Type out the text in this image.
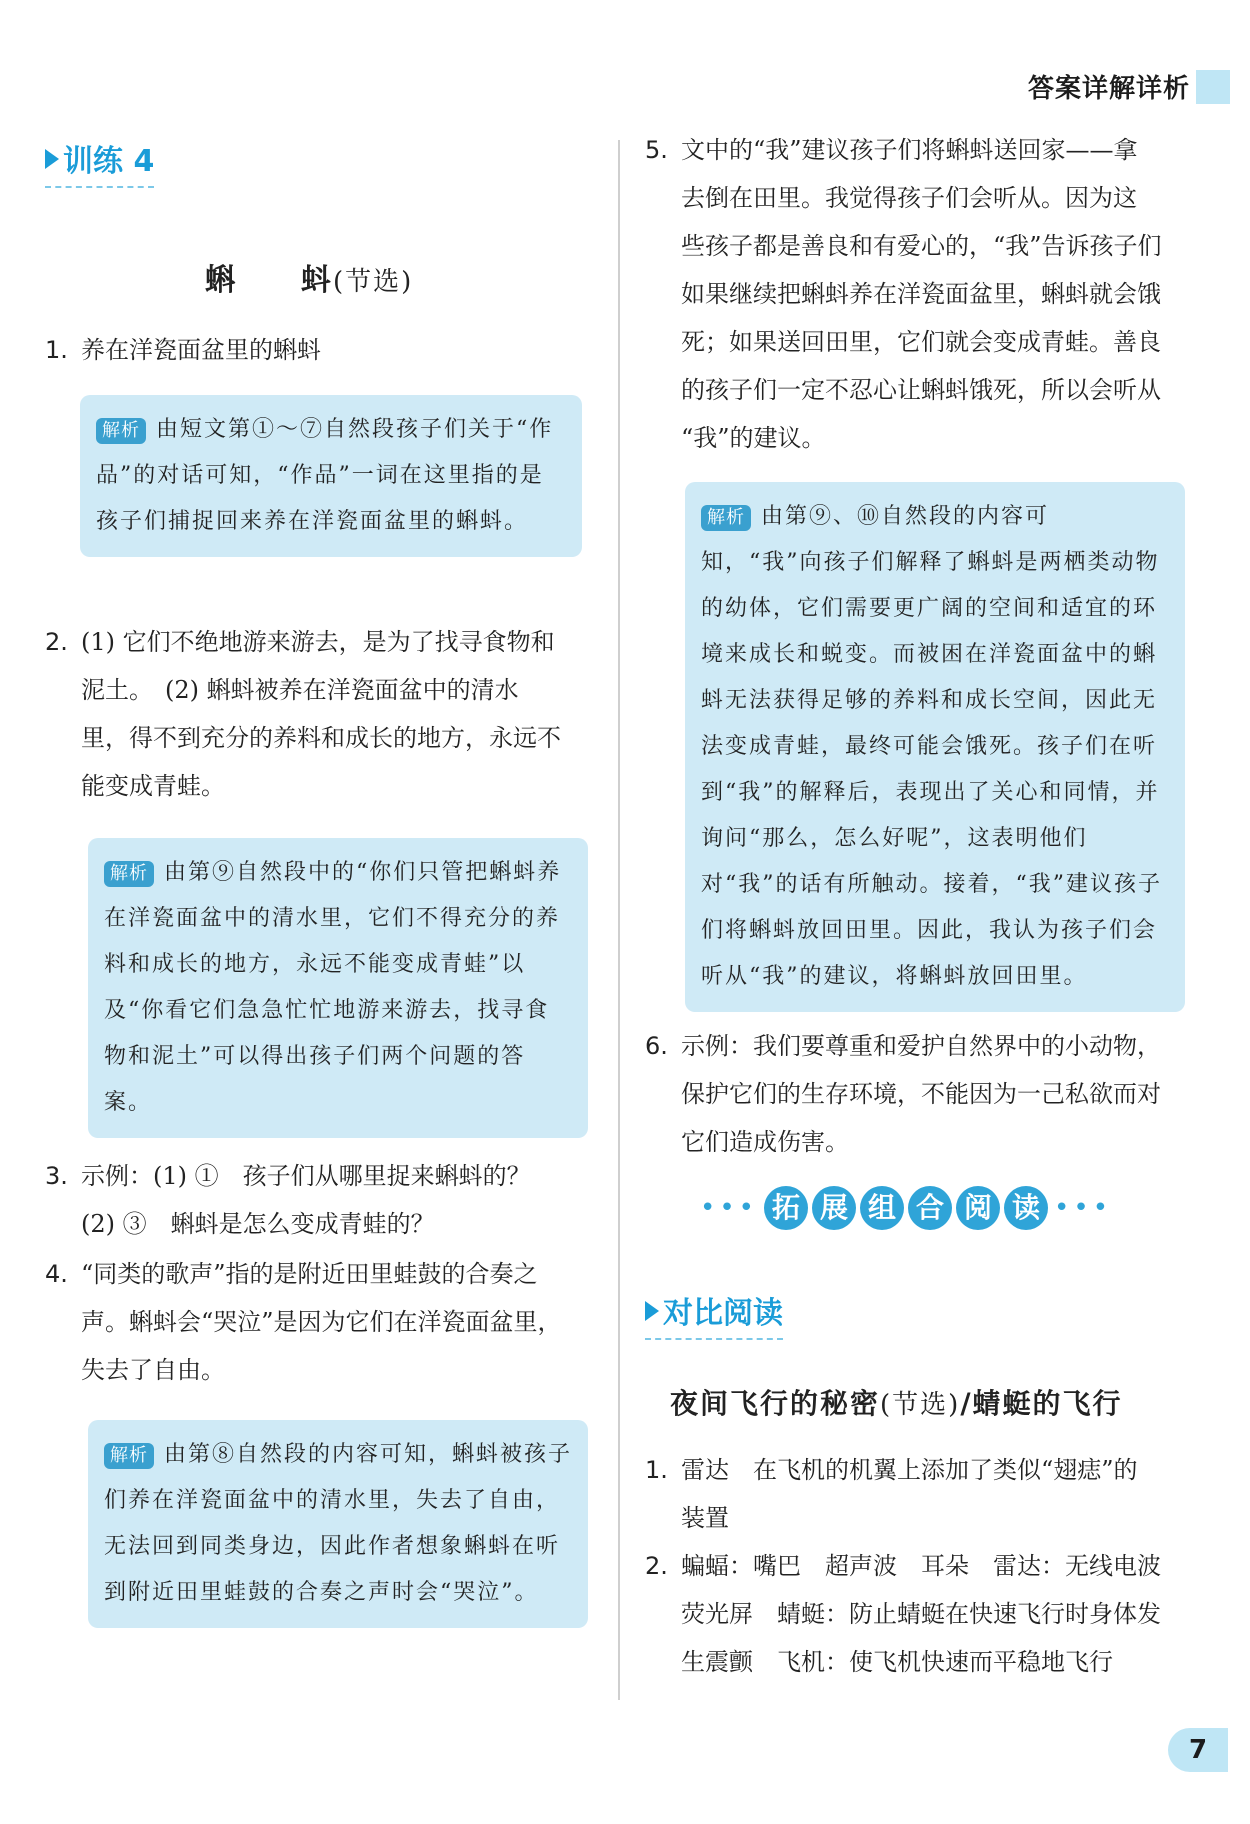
答案详解详析
训练 4
蝌　　蚪(节选)
1. 养在洋瓷面盆里的蝌蚪
解析 由短文第①～⑦自然段孩子们关于“作品”的对话可知，“作品”一词在这里指的是孩子们捕捉回来养在洋瓷面盆里的蝌蚪。
2. (1) 它们不绝地游来游去，是为了找寻食物和
泥土。　(2) 蝌蚪被养在洋瓷面盆中的清水
里，得不到充分的养料和成长的地方，永远不
能变成青蛙。
解析 由第⑨自然段中的“你们只管把蝌蚪养在洋瓷面盆中的清水里，它们不得充分的养料和成长的地方，永远不能变成青蛙”以及“你看它们急急忙忙地游来游去，找寻食物和泥土”可以得出孩子们两个问题的答案。
3. 示例：(1) ①　孩子们从哪里捉来蝌蚪的？
(2) ③　蝌蚪是怎么变成青蛙的？
4. “同类的歌声”指的是附近田里蛙鼓的合奏之
声。蝌蚪会“哭泣”是因为它们在洋瓷面盆里，
失去了自由。
解析 由第⑧自然段的内容可知，蝌蚪被孩子们养在洋瓷面盆中的清水里，失去了自由，无法回到同类身边，因此作者想象蝌蚪在听到附近田里蛙鼓的合奏之声时会“哭泣”。
5. 文中的“我”建议孩子们将蝌蚪送回家——拿
去倒在田里。我觉得孩子们会听从。因为这
些孩子都是善良和有爱心的，“我”告诉孩子们
如果继续把蝌蚪养在洋瓷面盆里，蝌蚪就会饿
死；如果送回田里，它们就会变成青蛙。善良
的孩子们一定不忍心让蝌蚪饿死，所以会听从
“我”的建议。
解析 由第⑨、⑩自然段的内容可知，“我”向孩子们解释了蝌蚪是两栖类动物的幼体，它们需要更广阔的空间和适宜的环境来成长和蜕变。而被困在洋瓷面盆中的蝌蚪无法获得足够的养料和成长空间，因此无法变成青蛙，最终可能会饿死。孩子们在听到“我”的解释后，表现出了关心和同情，并询问“那么，怎么好呢”，这表明他们对“我”的话有所触动。接着，“我”建议孩子们将蝌蚪放回田里。因此，我认为孩子们会听从“我”的建议，将蝌蚪放回田里。
6. 示例：我们要尊重和爱护自然界中的小动物，
保护它们的生存环境，不能因为一己私欲而对
它们造成伤害。
••• 拓 展 组 合 阅 读 •••
对比阅读
夜间飞行的秘密(节选)/蜻蜓的飞行
1. 雷达　在飞机的机翼上添加了类似“翅痣”的
装置
2. 蝙蝠：嘴巴　超声波　耳朵　雷达：无线电波
荧光屏　蜻蜓：防止蜻蜓在快速飞行时身体发
生震颤　飞机：使飞机快速而平稳地飞行
7
